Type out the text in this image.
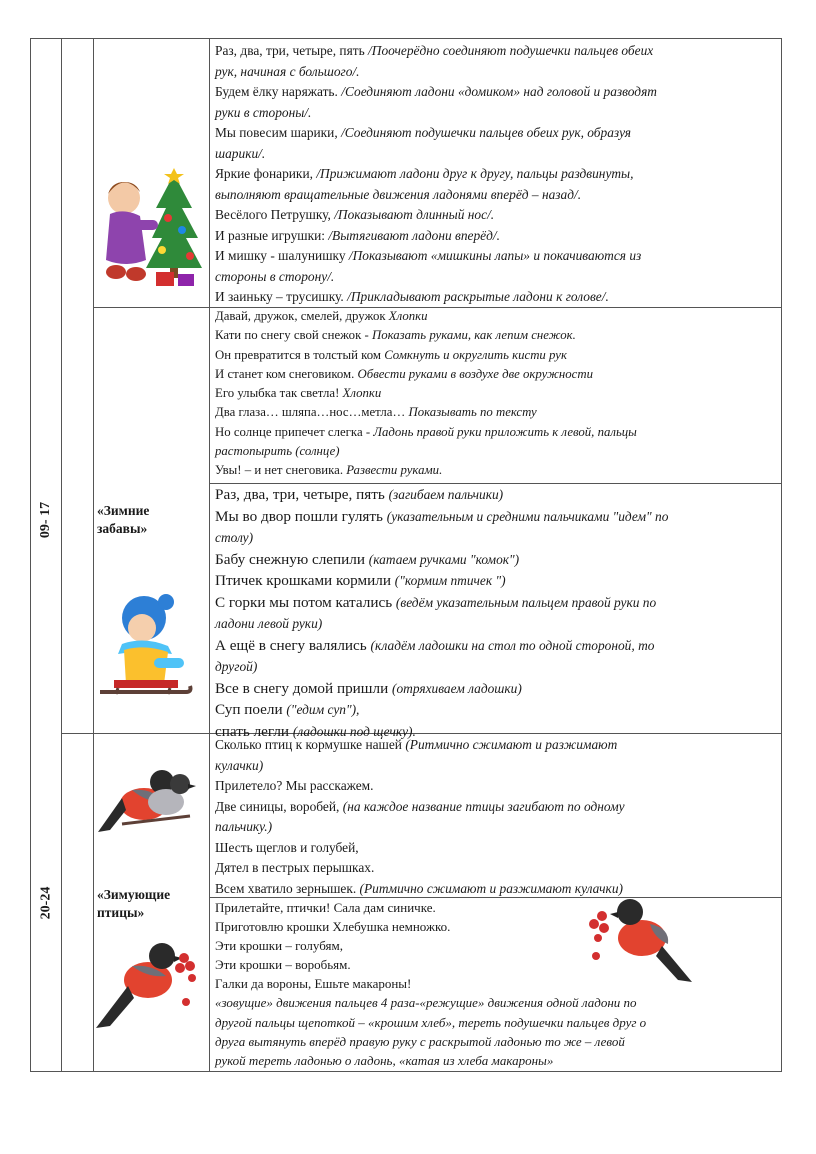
09- 17	«Зимние забавы»
20-24	«Зимующие птицы»
Раз, два, три, четыре, пять /Поочерёдно соединяют подушечки пальцев обеих
рук, начиная с большого/.
Будем ёлку наряжать. /Соединяют ладони «домиком» над головой и разводят
руки в стороны/.
Мы повесим шарики, /Соединяют подушечки пальцев обеих рук, образуя
шарики/.
Яркие фонарики, /Прижимают ладони друг к другу, пальцы раздвинуты,
выполняют вращательные движения ладонями вперёд – назад/.
Весёлого Петрушку, /Показывают длинный нос/.
И разные игрушки: /Вытягивают ладони вперёд/.
И мишку - шалунишку /Показывают «мишкины лапы» и покачиваются из
стороны в сторону/.
И заиньку – трусишку. /Прикладывают раскрытые ладони к голове/.
Давай, дружок, смелей, дружок Хлопки
Кати по снегу свой снежок - Показать руками, как лепим снежок.
Он превратится в толстый ком Сомкнуть и округлить кисти рук
И станет ком снеговиком. Обвести руками в воздухе две окружности
Его улыбка так светла! Хлопки
Два глаза… шляпа…нос…метла… Показывать по тексту
Но солнце припечет слегка - Ладонь правой руки приложить к левой, пальцы
растопырить (солнце)
Увы! – и нет снеговика. Развести руками.
Раз, два, три, четыре, пять (загибаем пальчики)
Мы во двор пошли гулять (указательным и средними пальчиками "идем" по
столу)
Бабу снежную слепили (катаем ручками "комок")
Птичек крошками кормили ("кормим птичек ")
С горки мы потом катались (ведём указательным пальцем правой руки по
ладони левой руки)
А ещё в снегу валялись (кладём ладошки на стол то одной стороной, то
другой)
Все в снегу домой пришли (отряхиваем ладошки)
Суп поели ("едим суп"),
спать легли (ладошки под щечку).
Сколько птиц к кормушке нашей (Ритмично сжимают и разжимают
кулачки)
Прилетело? Мы расскажем.
Две синицы, воробей, (на каждое название птицы загибают по одному
пальчику.)
Шесть щеглов и голубей,
Дятел в пестрых перышках.
Всем хватило зернышек. (Ритмично сжимают и разжимают кулачки)
Прилетайте, птички! Сала дам синичке.
Приготовлю крошки Хлебушка немножко.
Эти крошки – голубям,
Эти крошки – воробьям.
Галки да вороны, Ешьте макароны!
«зовущие» движения пальцев 4 раза-«режущие» движения одной ладони по
другой пальцы щепоткой – «крошим хлеб», тереть подушечки пальцев друг о
друга вытянуть вперёд правую руку с раскрытой ладонью то же – левой
рукой тереть ладонью о ладонь, «катая из хлеба макароны»
